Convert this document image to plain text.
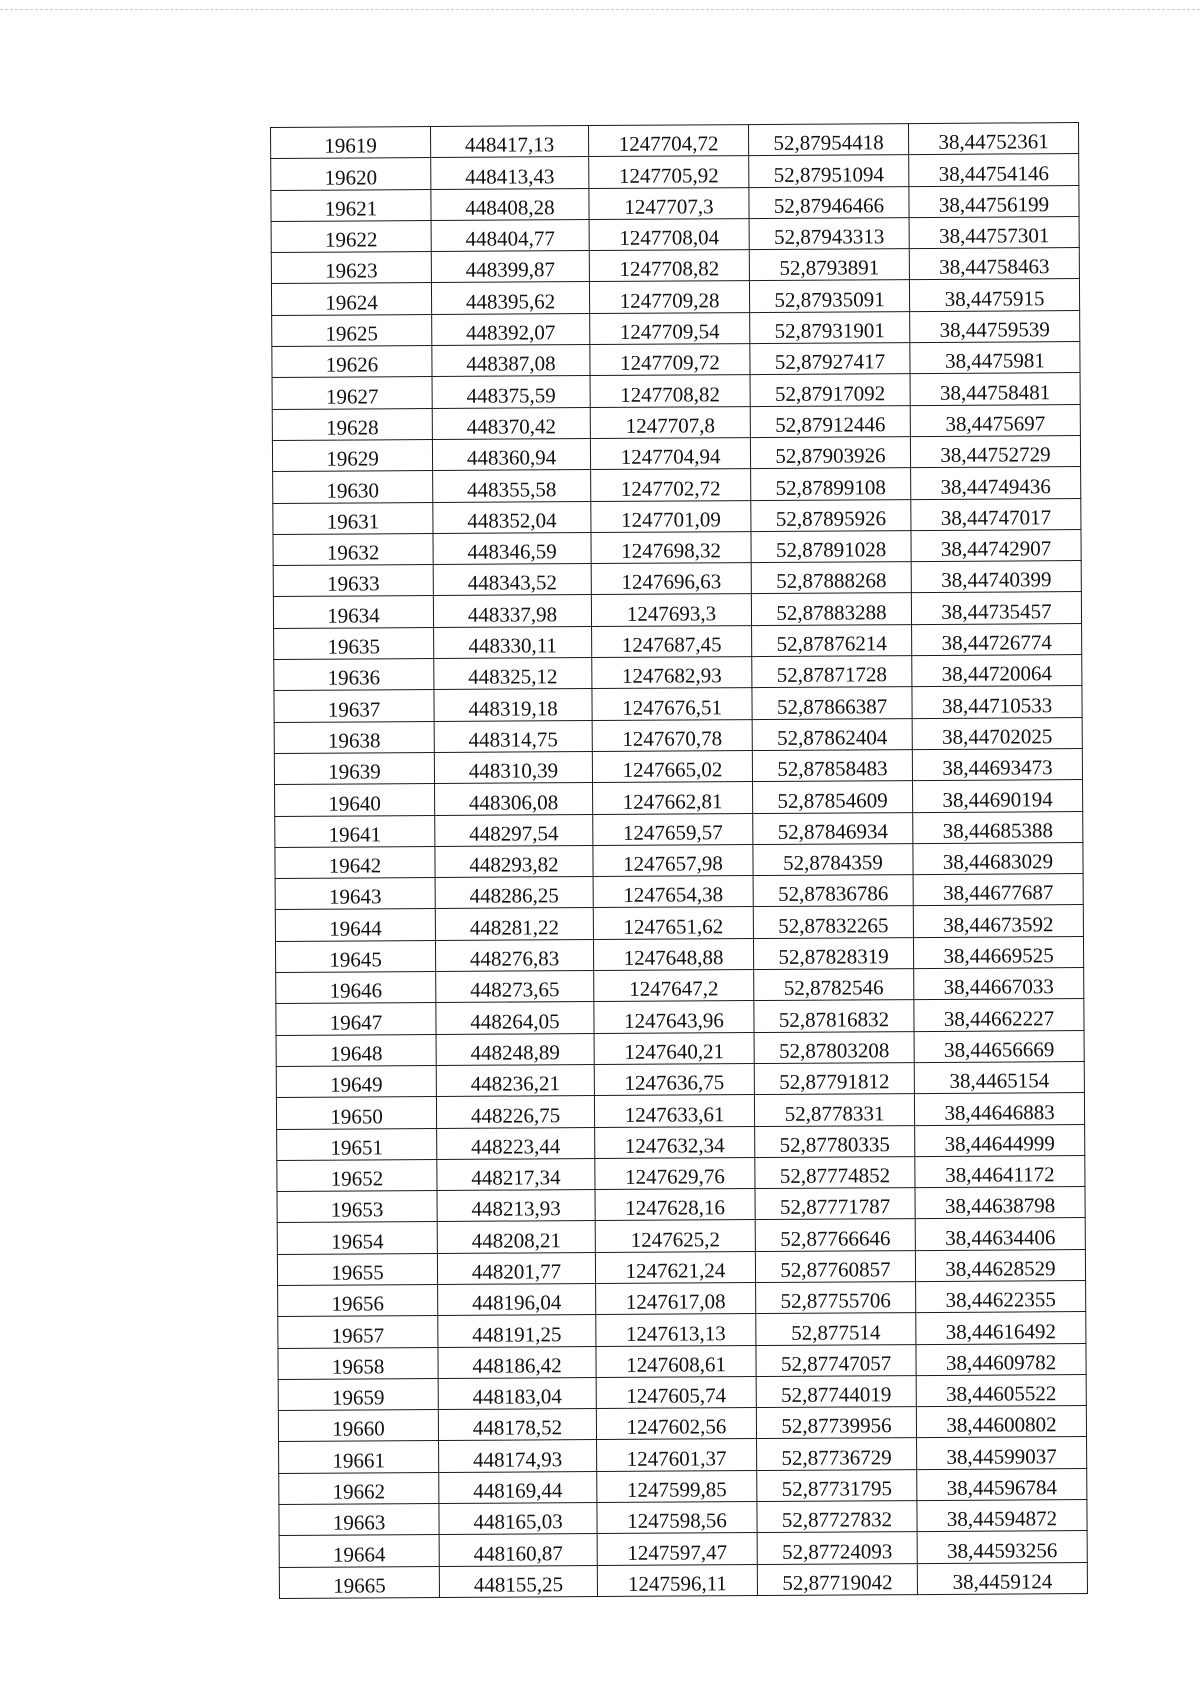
19619	448417,13	1247704,72	52,87954418	38,44752361
19620	448413,43	1247705,92	52,87951094	38,44754146
19621	448408,28	1247707,3	52,87946466	38,44756199
19622	448404,77	1247708,04	52,87943313	38,44757301
19623	448399,87	1247708,82	52,8793891	38,44758463
19624	448395,62	1247709,28	52,87935091	38,4475915
19625	448392,07	1247709,54	52,87931901	38,44759539
19626	448387,08	1247709,72	52,87927417	38,4475981
19627	448375,59	1247708,82	52,87917092	38,44758481
19628	448370,42	1247707,8	52,87912446	38,4475697
19629	448360,94	1247704,94	52,87903926	38,44752729
19630	448355,58	1247702,72	52,87899108	38,44749436
19631	448352,04	1247701,09	52,87895926	38,44747017
19632	448346,59	1247698,32	52,87891028	38,44742907
19633	448343,52	1247696,63	52,87888268	38,44740399
19634	448337,98	1247693,3	52,87883288	38,44735457
19635	448330,11	1247687,45	52,87876214	38,44726774
19636	448325,12	1247682,93	52,87871728	38,44720064
19637	448319,18	1247676,51	52,87866387	38,44710533
19638	448314,75	1247670,78	52,87862404	38,44702025
19639	448310,39	1247665,02	52,87858483	38,44693473
19640	448306,08	1247662,81	52,87854609	38,44690194
19641	448297,54	1247659,57	52,87846934	38,44685388
19642	448293,82	1247657,98	52,8784359	38,44683029
19643	448286,25	1247654,38	52,87836786	38,44677687
19644	448281,22	1247651,62	52,87832265	38,44673592
19645	448276,83	1247648,88	52,87828319	38,44669525
19646	448273,65	1247647,2	52,8782546	38,44667033
19647	448264,05	1247643,96	52,87816832	38,44662227
19648	448248,89	1247640,21	52,87803208	38,44656669
19649	448236,21	1247636,75	52,87791812	38,4465154
19650	448226,75	1247633,61	52,8778331	38,44646883
19651	448223,44	1247632,34	52,87780335	38,44644999
19652	448217,34	1247629,76	52,87774852	38,44641172
19653	448213,93	1247628,16	52,87771787	38,44638798
19654	448208,21	1247625,2	52,87766646	38,44634406
19655	448201,77	1247621,24	52,87760857	38,44628529
19656	448196,04	1247617,08	52,87755706	38,44622355
19657	448191,25	1247613,13	52,877514	38,44616492
19658	448186,42	1247608,61	52,87747057	38,44609782
19659	448183,04	1247605,74	52,87744019	38,44605522
19660	448178,52	1247602,56	52,87739956	38,44600802
19661	448174,93	1247601,37	52,87736729	38,44599037
19662	448169,44	1247599,85	52,87731795	38,44596784
19663	448165,03	1247598,56	52,87727832	38,44594872
19664	448160,87	1247597,47	52,87724093	38,44593256
19665	448155,25	1247596,11	52,87719042	38,4459124
